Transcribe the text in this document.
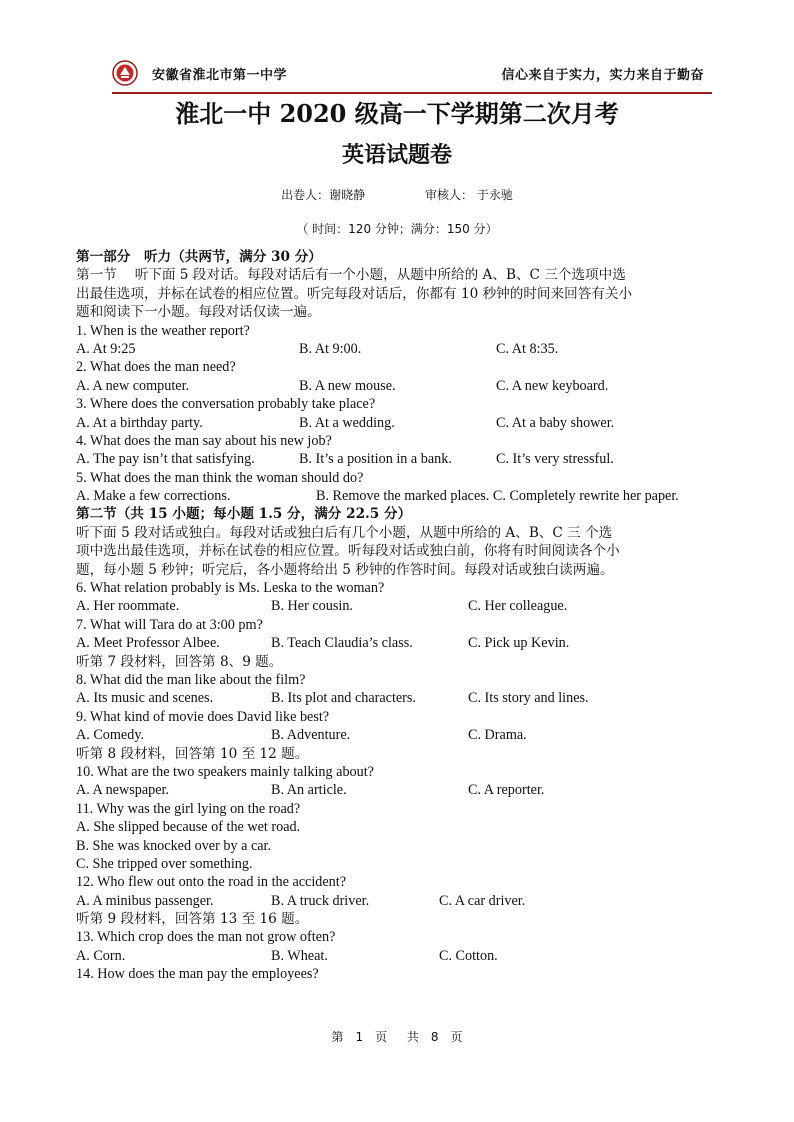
安徽省淮北市第一中学	信心来自于实力，实力来自于勤奋
淮北一中 2020 级高一下学期第二次月考
英语试题卷
出卷人：谢晓静	审核人： 于永驰
（ 时间：120 分钟；满分：150 分）
第一部分　听力（共两节，满分 30 分）
第一节　 听下面 5 段对话。每段对话后有一个小题，从题中所给的 A、B、C 三个选项中选
出最佳选项，并标在试卷的相应位置。听完每段对话后，你都有 10 秒钟的时间来回答有关小
题和阅读下一小题。每段对话仅读一遍。
1. When is the weather report?
A. At 9:25	B. At 9:00.	C. At 8:35.
2. What does the man need?
A. A new computer.	B. A new mouse.	C. A new keyboard.
3. Where does the conversation probably take place?
A. At a birthday party.	B. At a wedding.	C. At a baby shower.
4. What does the man say about his new job?
A. The pay isn’t that satisfying.	B. It’s a position in a bank.	C. It’s very stressful.
5. What does the man think the woman should do?
A. Make a few corrections.	B. Remove the marked places. C. Completely rewrite her paper.
第二节（共 15 小题；每小题 1.5 分，满分 22.5 分）
听下面 5 段对话或独白。每段对话或独白后有几个小题，从题中所给的 A、B、C 三 个选
项中选出最佳选项，并标在试卷的相应位置。听每段对话或独白前，你将有时间阅读各个小
题，每小题 5 秒钟；听完后，各小题将给出 5 秒钟的作答时间。每段对话或独白读两遍。
6. What relation probably is Ms. Leska to the woman?
A. Her roommate.	B. Her cousin.	C. Her colleague.
7. What will Tara do at 3:00 pm?
A. Meet Professor Albee.	B. Teach Claudia’s class.	C. Pick up Kevin.
听第 7 段材料，回答第 8、9 题。
8. What did the man like about the film?
A. Its music and scenes.	B. Its plot and characters.	C. Its story and lines.
9. What kind of movie does David like best?
A. Comedy.	B. Adventure.	C. Drama.
听第 8 段材料，回答第 10 至 12 题。
10. What are the two speakers mainly talking about?
A. A newspaper.	B. An article.	C. A reporter.
11. Why was the girl lying on the road?
A. She slipped because of the wet road.
B. She was knocked over by a car.
C. She tripped over something.
12. Who flew out onto the road in the accident?
A. A minibus passenger.	B. A truck driver.	C. A car driver.
听第 9 段材料，回答第 13 至 16 题。
13. Which crop does the man not grow often?
A. Corn.	B. Wheat.	C. Cotton.
14. How does the man pay the employees?
第　1　页 共　8　页
